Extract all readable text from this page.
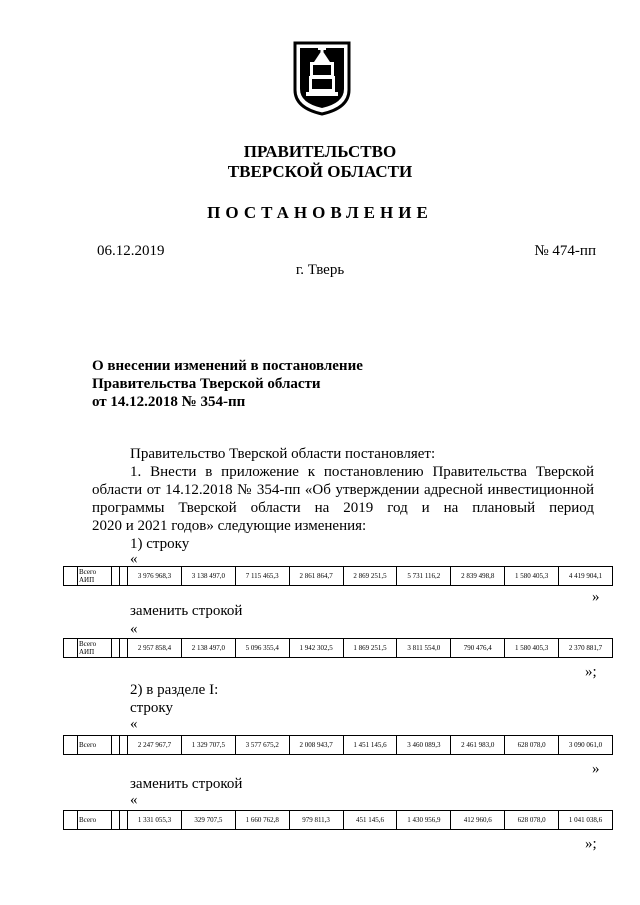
ПРАВИТЕЛЬСТВО
ТВЕРСКОЙ ОБЛАСТИ
ПОСТАНОВЛЕНИЕ
06.12.2019	№ 474-пп
г. Тверь
О внесении изменений в постановление
Правительства Тверской области
от 14.12.2018 № 354-пп
Правительство Тверской области постановляет:
1. Внести в приложение к постановлению Правительства Тверской
области от 14.12.2018 № 354-пп «Об утверждении адресной инвестиционной
программы Тверской области на 2019 год и на плановый период
2020 и 2021 годов» следующие изменения:
1) строку
«
	Всего АИП			3 976 968,3	3 138 497,0	7 115 465,3	2 861 864,7	2 869 251,5	5 731 116,2	2 839 498,8	1 580 405,3	4 419 904,1
»
заменить строкой
«
	Всего АИП			2 957 858,4	2 138 497,0	5 096 355,4	1 942 302,5	1 869 251,5	3 811 554,0	790 476,4	1 580 405,3	2 370 881,7
»;
2) в разделе I:
строку
«
	Всего			2 247 967,7	1 329 707,5	3 577 675,2	2 008 943,7	1 451 145,6	3 460 089,3	2 461 983,0	628 078,0	3 090 061,0
»
заменить строкой
«
	Всего			1 331 055,3	329 707,5	1 660 762,8	979 811,3	451 145,6	1 430 956,9	412 960,6	628 078,0	1 041 038,6
»;
